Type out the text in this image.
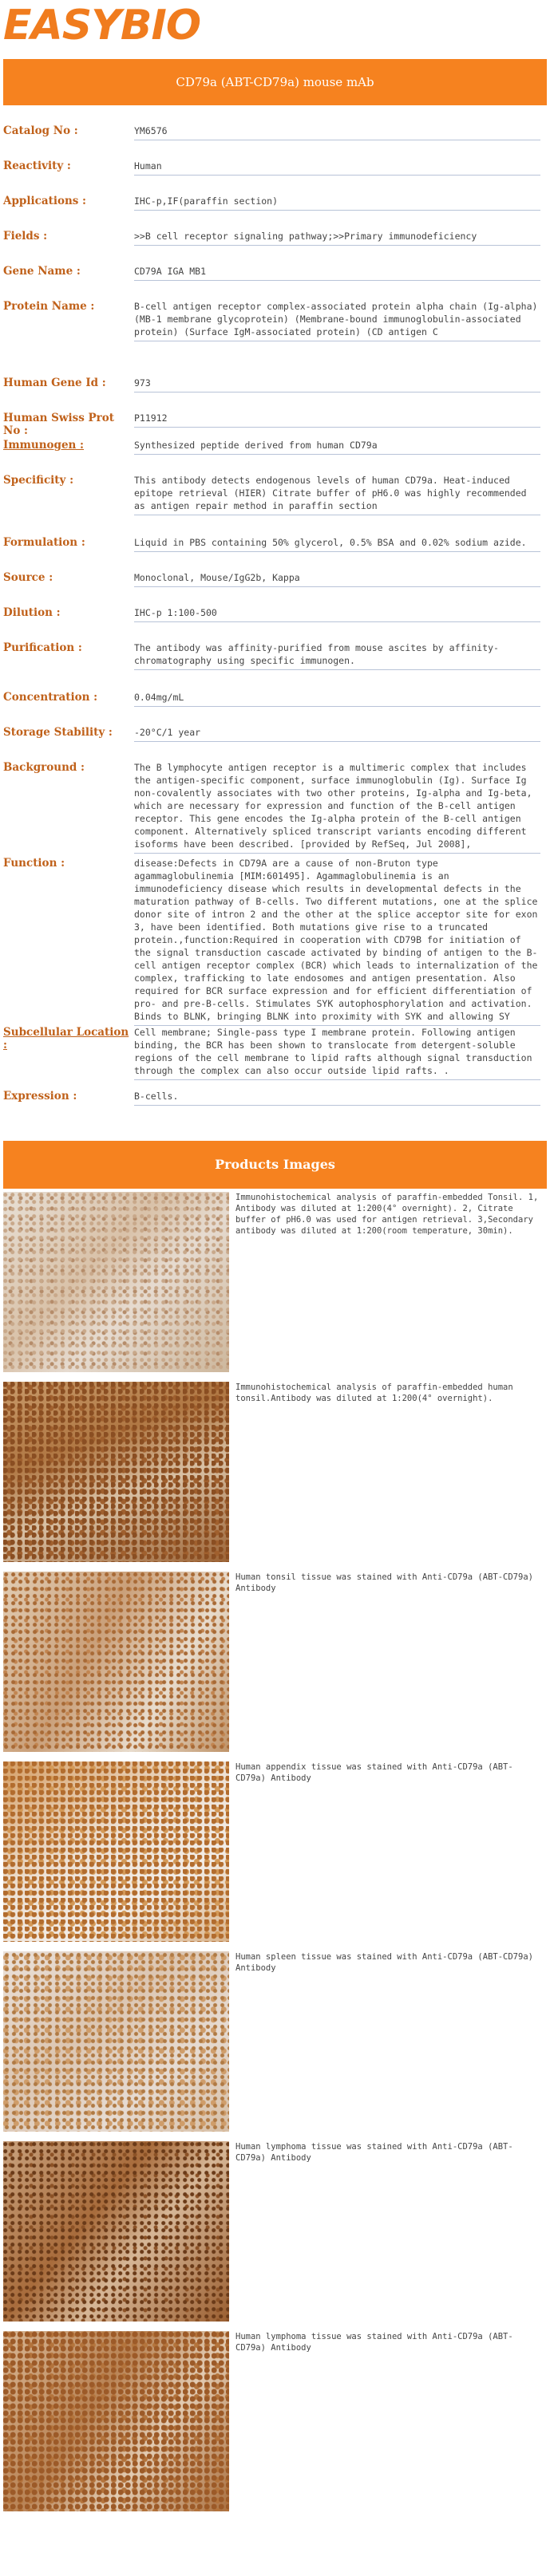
EASYBIO
CD79a (ABT-CD79a) mouse mAb
Catalog No :	YM6576
Reactivity :	Human
Applications :	IHC-p,IF(paraffin section)
Fields :	>>B cell receptor signaling pathway;>>Primary immunodeficiency
Gene Name :	CD79A IGA MB1
Protein Name :	B-cell antigen receptor complex-associated protein alpha chain (Ig-alpha) (MB-1 membrane glycoprotein) (Membrane-bound immunoglobulin-associated protein) (Surface IgM-associated protein) (CD antigen C
Human Gene Id :	973
Human Swiss Prot No :
P11912
Immunogen :	Synthesized peptide derived from human CD79a
Specificity :	This antibody detects endogenous levels of human CD79a. Heat-induced epitope retrieval (HIER) Citrate buffer of pH6.0 was highly recommended as antigen repair method in paraffin section
Formulation :	Liquid in PBS containing 50% glycerol, 0.5% BSA and 0.02% sodium azide.
Source :	Monoclonal, Mouse/IgG2b, Kappa
Dilution :	IHC-p 1:100-500
Purification :	The antibody was affinity-purified from mouse ascites by affinity-chromatography using specific immunogen.
Concentration :	0.04mg/mL
Storage Stability :	-20°C/1 year
Background :	The B lymphocyte antigen receptor is a multimeric complex that includes the antigen-specific component, surface immunoglobulin (Ig). Surface Ig non-covalently associates with two other proteins, Ig-alpha and Ig-beta, which are necessary for expression and function of the B-cell antigen receptor. This gene encodes the Ig-alpha protein of the B-cell antigen component. Alternatively spliced transcript variants encoding different isoforms have been described. [provided by RefSeq, Jul 2008],
Function :	disease:Defects in CD79A are a cause of non-Bruton type agammaglobulinemia [MIM:601495]. Agammaglobulinemia is an immunodeficiency disease which results in developmental defects in the maturation pathway of B-cells. Two different mutations, one at the splice donor site of intron 2 and the other at the splice acceptor site for exon 3, have been identified. Both mutations give rise to a truncated protein.,function:Required in cooperation with CD79B for initiation of the signal transduction cascade activated by binding of antigen to the B-cell antigen receptor complex (BCR) which leads to internalization of the complex, trafficking to late endosomes and antigen presentation. Also required for BCR surface expression and for efficient differentiation of pro- and pre-B-cells. Stimulates SYK autophosphorylation and activation. Binds to BLNK, bringing BLNK into proximity with SYK and allowing SY
Subcellular Location :
Cell membrane; Single-pass type I membrane protein. Following antigen binding, the BCR has been shown to translocate from detergent-soluble regions of the cell membrane to lipid rafts although signal transduction through the complex can also occur outside lipid rafts. .
Expression :	B-cells.
Products Images
Immunohistochemical analysis of paraffin-embedded Tonsil. 1, Antibody was diluted at 1:200(4° overnight). 2, Citrate buffer of pH6.0 was used for antigen retrieval. 3,Secondary antibody was diluted at 1:200(room temperature, 30min).
Immunohistochemical analysis of paraffin-embedded human tonsil.Antibody was diluted at 1:200(4° overnight).
Human tonsil tissue was stained with Anti-CD79a (ABT-CD79a) Antibody
Human appendix tissue was stained with Anti-CD79a (ABT-CD79a) Antibody
Human spleen tissue was stained with Anti-CD79a (ABT-CD79a) Antibody
Human lymphoma tissue was stained with Anti-CD79a (ABT-CD79a) Antibody
Human lymphoma tissue was stained with Anti-CD79a (ABT-CD79a) Antibody
